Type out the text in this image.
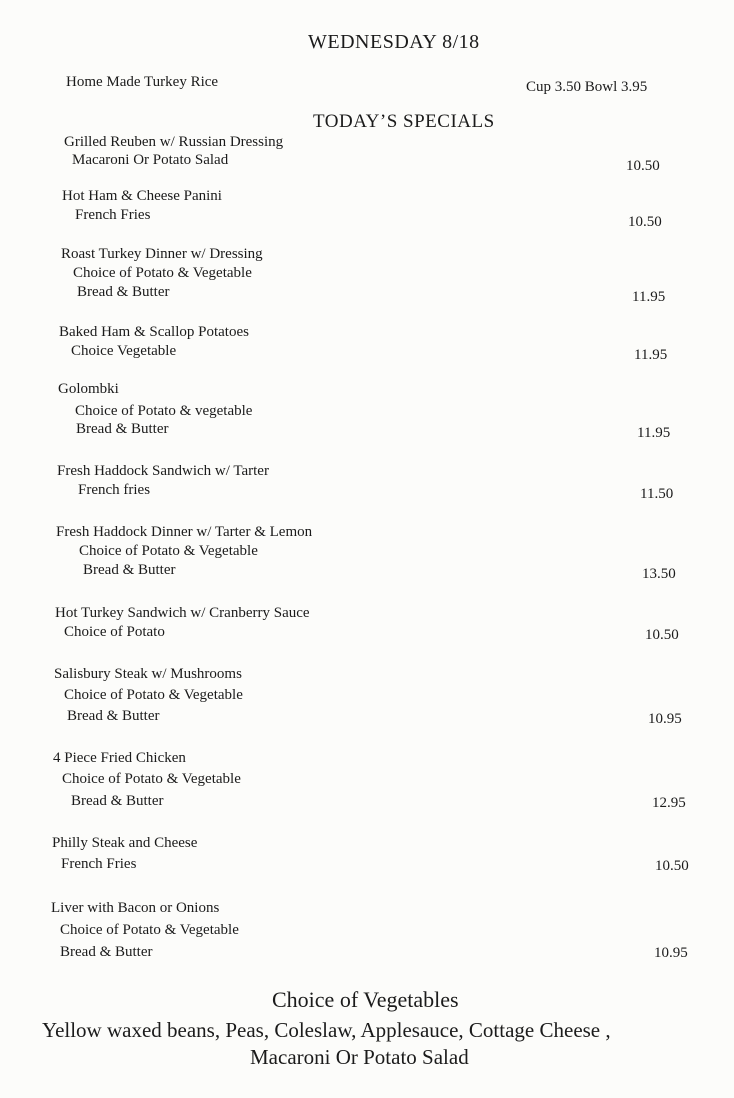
WEDNESDAY 8/18
Home Made Turkey Rice	Cup 3.50 Bowl 3.95
TODAY’S SPECIALS
Grilled Reuben w/ Russian Dressing
Macaroni Or Potato Salad	10.50
Hot Ham & Cheese Panini
French Fries	10.50
Roast Turkey Dinner w/ Dressing
Choice of Potato & Vegetable
Bread & Butter	11.95
Baked Ham & Scallop Potatoes
Choice Vegetable	11.95
Golombki
Choice of Potato & vegetable
Bread & Butter	11.95
Fresh Haddock Sandwich w/ Tarter
French fries	11.50
Fresh Haddock Dinner w/ Tarter & Lemon
Choice of Potato & Vegetable
Bread & Butter	13.50
Hot Turkey Sandwich w/ Cranberry Sauce
Choice of Potato	10.50
Salisbury Steak w/ Mushrooms
Choice of Potato & Vegetable
Bread & Butter	10.95
4 Piece Fried Chicken
Choice of Potato & Vegetable
Bread & Butter	12.95
Philly Steak and Cheese
French Fries	10.50
Liver with Bacon or Onions
Choice of Potato & Vegetable
Bread & Butter	10.95
Choice of Vegetables
Yellow waxed beans, Peas, Coleslaw, Applesauce, Cottage Cheese ,
Macaroni Or Potato Salad
